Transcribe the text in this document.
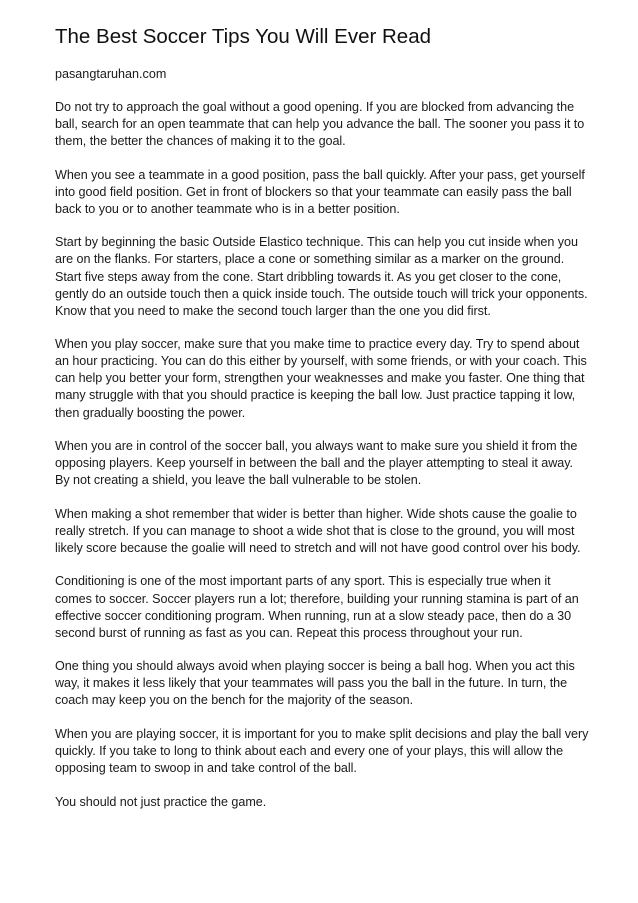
The Best Soccer Tips You Will Ever Read
pasangtaruhan.com

Do not try to approach the goal without a good opening. If you are blocked from advancing the ball, search for an open teammate that can help you advance the ball. The sooner you pass it to them, the better the chances of making it to the goal.

When you see a teammate in a good position, pass the ball quickly. After your pass, get yourself into good field position. Get in front of blockers so that your teammate can easily pass the ball back to you or to another teammate who is in a better position.

Start by beginning the basic Outside Elastico technique. This can help you cut inside when you are on the flanks. For starters, place a cone or something similar as a marker on the ground. Start five steps away from the cone. Start dribbling towards it. As you get closer to the cone, gently do an outside touch then a quick inside touch. The outside touch will trick your opponents. Know that you need to make the second touch larger than the one you did first.

When you play soccer, make sure that you make time to practice every day. Try to spend about an hour practicing. You can do this either by yourself, with some friends, or with your coach. This can help you better your form, strengthen your weaknesses and make you faster. One thing that many struggle with that you should practice is keeping the ball low. Just practice tapping it low, then gradually boosting the power.

When you are in control of the soccer ball, you always want to make sure you shield it from the opposing players. Keep yourself in between the ball and the player attempting to steal it away. By not creating a shield, you leave the ball vulnerable to be stolen.

When making a shot remember that wider is better than higher. Wide shots cause the goalie to really stretch. If you can manage to shoot a wide shot that is close to the ground, you will most likely score because the goalie will need to stretch and will not have good control over his body.

Conditioning is one of the most important parts of any sport. This is especially true when it comes to soccer. Soccer players run a lot; therefore, building your running stamina is part of an effective soccer conditioning program. When running, run at a slow steady pace, then do a 30 second burst of running as fast as you can. Repeat this process throughout your run.

One thing you should always avoid when playing soccer is being a ball hog. When you act this way, it makes it less likely that your teammates will pass you the ball in the future. In turn, the coach may keep you on the bench for the majority of the season.

When you are playing soccer, it is important for you to make split decisions and play the ball very quickly. If you take to long to think about each and every one of your plays, this will allow the opposing team to swoop in and take control of the ball.

You should not just practice the game.
